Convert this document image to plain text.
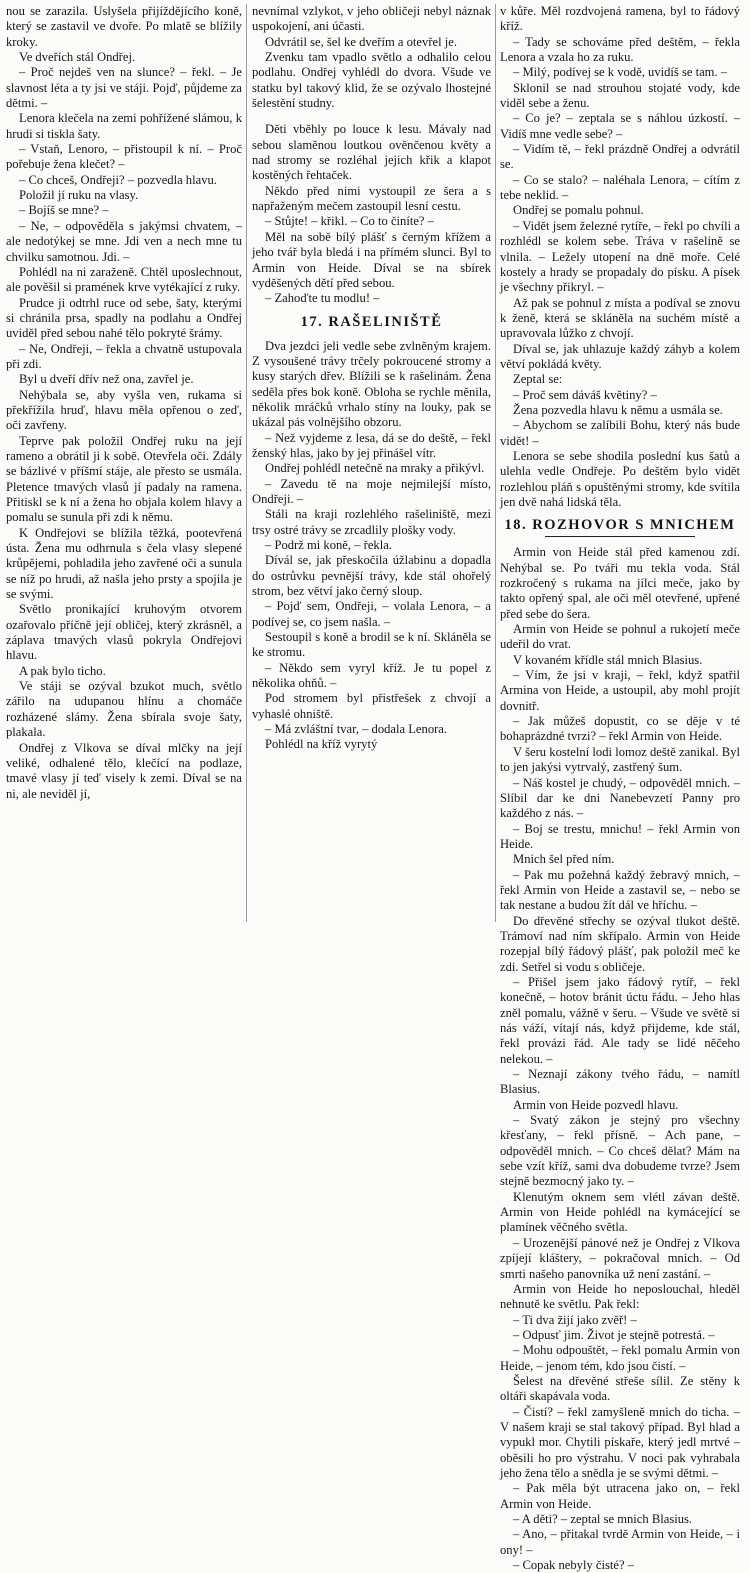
nou se zarazila. Uslyšela přijíždějícího koně, který se zastavil ve dvoře. Po mlatě se blížily kroky.

Ve dveřích stál Ondřej.

– Proč nejdeš ven na slunce? – řekl. – Je slavnost léta a ty jsi ve stáji. Pojď, půjdeme za dětmi. –

Lenora klečela na zemi pohřížené slámou, k hrudi si tiskla šaty.

– Vstaň, Lenoro, – přistoupil k ní. – Proč pořebuje žena klečet? –

– Co chceš, Ondřeji? – pozvedla hlavu.

Položil jí ruku na vlasy.

– Bojíš se mne? –

– Ne, – odpověděla s jakýmsi chvatem, – ale nedotýkej se mne. Jdi ven a nech mne tu chvilku samotnou. Jdi. –

Pohlédl na ni zaraženě. Chtěl uposlechnout, ale pověšil si pramének krve vytékající z ruky.

Prudce ji odtrhl ruce od sebe, šaty, kterými si chránila prsa, spadly na podlahu a Ondřej uviděl před sebou nahé tělo pokryté šrámy.

– Ne, Ondřeji, – řekla a chvatně ustupovala při zdi.

Byl u dveří dřív než ona, zavřel je.

Nehýbala se, aby vyšla ven, rukama si překřížila hruď, hlavu měla opřenou o zeď, oči zavřeny.

Teprve pak položil Ondřej ruku na její rameno a obrátil ji k sobě. Otevřela oči. Zdály se bázlivé v příšmí stáje, ale přesto se usmála. Pletence tmavých vlasů jí padaly na ramena. Přitiskl se k ní a žena ho objala kolem hlavy a pomalu se sunula při zdi k němu.

K Ondřejovi se blížila těžká, pootevřená ústa. Žena mu odhrnula s čela vlasy slepené krůpějemi, pohladila jeho zavřené oči a sunula se níž po hrudi, až našla jeho prsty a spojila je se svými.

Světlo pronikající kruhovým otvorem ozařovalo příčně její obličej, který zkrásněl, a záplava tmavých vlasů pokryla Ondřejovi hlavu.

A pak bylo ticho.

Ve stáji se ozýval bzukot much, světlo zářilo na udupanou hlínu a chomáče rozházené slámy. Žena sbírala svoje šaty, plakala.

Ondřej z Vlkova se díval mlčky na její veliké, odhalené tělo, klečící na podlaze, tmavé vlasy jí teď visely k zemi. Díval se na ni, ale neviděl jí,

nevnímal vzlykot, v jeho obličeji nebyl náznak uspokojení, ani účasti.

Odvrátil se, šel ke dveřím a otevřel je.

Zvenku tam vpadlo světlo a odhalilo celou podlahu. Ondřej vyhlédl do dvora. Všude ve statku byl takový klid, že se ozývalo lhostejné šelestění studny.

Děti vběhly po louce k lesu. Mávaly nad sebou slaměnou loutkou ověnčenou květy a nad stromy se rozléhal jejich křik a klapot kostěných řehtaček.

Někdo před nimi vystoupil ze šera a s napřaženým mečem zastoupil lesní cestu.

– Stůjte! – křikl. – Co to činíte? –

Měl na sobě bílý plášť s černým křížem a jeho tvář byla bledá i na přímém slunci. Byl to Armin von Heide. Díval se na sbírek vyděšených dětí před sebou.

– Zahoďte tu modlu! –

17. RAŠELINIŠTĚ

Dva jezdci jeli vedle sebe zvlněným krajem. Z vysoušené trávy trčely pokroucené stromy a kusy starých dřev. Blížili se k rašelinám. Žena seděla přes bok koně. Obloha se rychle měnila, několik mráčků vrhalo stíny na louky, pak se ukázal pás volnějšího obzoru.

– Než vyjdeme z lesa, dá se do deště, – řekl ženský hlas, jako by jej přinášel vítr.

Ondřej pohlédl netečně na mraky a přikývl.

– Zavedu tě na moje nejmilejší místo, Ondřeji. –

Stáli na kraji rozlehlého rašeliniště, mezi trsy ostré trávy se zrcadlily plošky vody.

– Podrž mi koně, – řekla.

Dívál se, jak přeskočila úžlabinu a dopadla do ostrůvku pevnější trávy, kde stál ohořelý strom, bez větví jako černý sloup.

– Pojď sem, Ondřeji, – volala Lenora, – a podívej se, co jsem našla. –

Sestoupil s koně a brodil se k ní. Skláněla se ke stromu.

– Někdo sem vyryl kříž. Je tu popel z několika ohňů. –

Pod stromem byl přistřešek z chvojí a vyhaslé ohniště.

– Má zvláštní tvar, – dodala Lenora.

Pohlédl na kříž vyrytý

v kůře. Měl rozdvojená ramena, byl to řádový kříž.

– Tady se schováme před deštěm, – řekla Lenora a vzala ho za ruku.

– Milý, podívej se k vodě, uvidíš se tam. –

Sklonil se nad strouhou stojaté vody, kde viděl sebe a ženu.

– Co je? – zeptala se s náhlou úzkostí. – Vidíš mne vedle sebe? –

– Vidím tě, – řekl prázdně Ondřej a odvrátil se.

– Co se stalo? – naléhala Lenora, – cítím z tebe neklid. –

Ondřej se pomalu pohnul.

– Vidět jsem železné rytíře, – řekl po chvíli a rozhlédl se kolem sebe. Tráva v rašelině se vlnila. – Ležely utopení na dně moře. Celé kostely a hrady se propadaly do písku. A písek je všechny přikryl. –

Až pak se pohnul z místa a podíval se znovu k ženě, která se skláněla na suchém místě a upravovala lůžko z chvojí.

Díval se, jak uhlazuje každý záhyb a kolem větví pokládá květy.

Zeptal se:

– Proč sem dáváš květiny? –

Žena pozvedla hlavu k němu a usmála se.

– Abychom se zalíbili Bohu, který nás bude vidět! –

Lenora se sebe shodila poslední kus šatů a ulehla vedle Ondřeje. Po deštěm bylo vidět rozlehlou pláň s opuštěnými stromy, kde svítila jen dvě nahá lidská těla.

18. ROZHOVOR S MNICHEM

Armin von Heide stál před kamenou zdí. Nehýbal se. Po tváři mu tekla voda. Stál rozkročený s rukama na jílci meče, jako by takto opřený spal, ale oči měl otevřené, upřené před sebe do šera.

Armin von Heide se pohnul a rukojetí meče udeřil do vrat.

V kovaném křídle stál mnich Blasius.

– Vím, že jsi v kraji, – řekl, když spatřil Armina von Heide, a ustoupil, aby mohl projít dovnitř.

– Jak můžeš dopustit, co se děje v té bohaprázdné tvrzi? – řekl Armin von Heide.

V šeru kostelní lodi lomoz deště zanikal. Byl to jen jakýsi vytrvalý, zastřený šum.

– Náš kostel je chudý, – odpověděl mnich. – Slíbil dar ke dni Nanebevzetí Panny pro každého z nás. –

– Boj se trestu, mnichu! – řekl Armin von Heide.

Mnich šel před ním.

– Pak mu požehná každý žebravý mnich, – řekl Armin von Heide a zastavil se, – nebo se tak nestane a budou žít dál ve hříchu. –

Do dřevěné střechy se ozýval tlukot deště. Trámoví nad ním skřípalo. Armin von Heide rozepjal bílý řádový plášť, pak položil meč ke zdi. Setřel si vodu s obličeje.

– Přišel jsem jako řádový rytíř, – řekl konečně, – hotov bránit úctu řádu. – Jeho hlas zněl pomalu, vážně v šeru. – Všude ve světě si nás váží, vítají nás, když přijdeme, kde stál, řekl provázi řád. Ale tady se lidé něčeho nelekou. –

– Neznají zákony tvého řádu, – namítl Blasius.

Armin von Heide pozvedl hlavu.

– Svatý zákon je stejný pro všechny křesťany, – řekl přísně. – Ach pane, – odpověděl mnich. – Co chceš dělat? Mám na sebe vzít kříž, sami dva dobudeme tvrze? Jsem stejně bezmocný jako ty. –

Klenutým oknem sem vlétl závan deště. Armin von Heide pohlédl na kymácející se plamínek věčného světla.

– Urozenější pánové než je Ondřej z Vlkova zpíjejí kláštery, – pokračoval mnich. – Od smrti našeho panovníka už není zastání. –

Armin von Heide ho neposlouchal, hleděl nehnutě ke světlu. Pak řekl:

– Ti dva žijí jako zvěř! –

– Odpusť jim. Život je stejně potrestá. –

– Mohu odpouštět, – řekl pomalu Armin von Heide, – jenom tém, kdo jsou čistí. –

Šelest na dřevěné střeše sílil. Ze stěny k oltáři skapávala voda.

– Čistí? – řekl zamyšleně mnich do ticha. – V našem kraji se stal takový případ. Byl hlad a vypukl mor. Chytili pískaře, který jedl mrtvé – oběsili ho pro výstrahu. V noci pak vyhrabala jeho žena tělo a snědla je se svými dětmi. –

– Pak měla být utracena jako on, – řekl Armin von Heide.

– A děti? – zeptal se mnich Blasius.

– Ano, – přitakal tvrdě Armin von Heide, – i ony! –

– Copak nebyly čisté? –
